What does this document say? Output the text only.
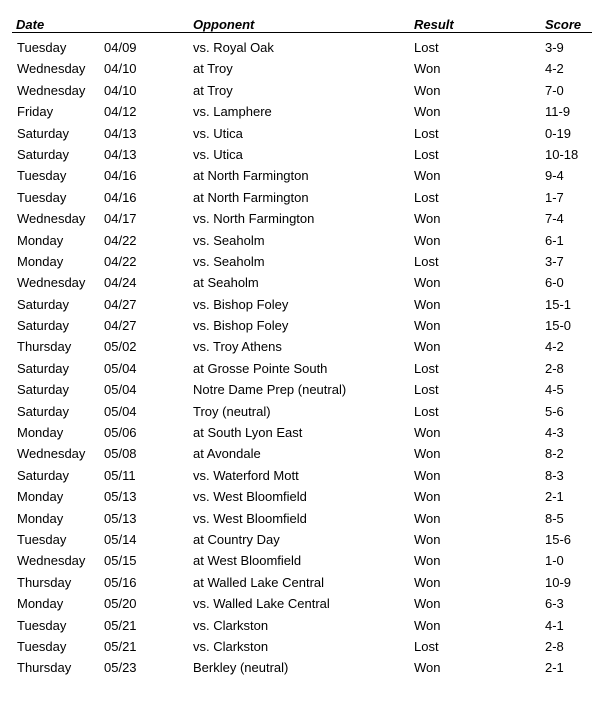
Date	Opponent	Result	Score
Tuesday	04/09	vs. Royal Oak	Lost	3-9
Wednesday 04/10	at Troy	Won	4-2
Wednesday 04/10	at Troy	Won	7-0
Friday	04/12	vs. Lamphere	Won	11-9
Saturday	04/13	vs. Utica	Lost	0-19
Saturday	04/13	vs. Utica	Lost	10-18
Tuesday	04/16	at North Farmington	Won	9-4
Tuesday	04/16	at North Farmington	Lost	1-7
Wednesday 04/17	vs. North Farmington	Won	7-4
Monday	04/22	vs. Seaholm	Won	6-1
Monday	04/22	vs. Seaholm	Lost	3-7
Wednesday 04/24	at Seaholm	Won	6-0
Saturday	04/27	vs. Bishop Foley	Won	15-1
Saturday	04/27	vs. Bishop Foley	Won	15-0
Thursday	05/02	vs. Troy Athens	Won	4-2
Saturday	05/04	at Grosse Pointe South	Lost	2-8
Saturday	05/04	Notre Dame Prep (neutral)	Lost	4-5
Saturday	05/04	Troy (neutral)	Lost	5-6
Monday	05/06	at South Lyon East	Won	4-3
Wednesday 05/08	at Avondale	Won	8-2
Saturday	05/11	vs. Waterford Mott	Won	8-3
Monday	05/13	vs. West Bloomfield	Won	2-1
Monday	05/13	vs. West Bloomfield	Won	8-5
Tuesday	05/14	at Country Day	Won	15-6
Wednesday 05/15	at West Bloomfield	Won	1-0
Thursday	05/16	at Walled Lake Central	Won	10-9
Monday	05/20	vs. Walled Lake Central	Won	6-3
Tuesday	05/21	vs. Clarkston	Won	4-1
Tuesday	05/21	vs. Clarkston	Lost	2-8
Thursday	05/23	Berkley (neutral)	Won	2-1
